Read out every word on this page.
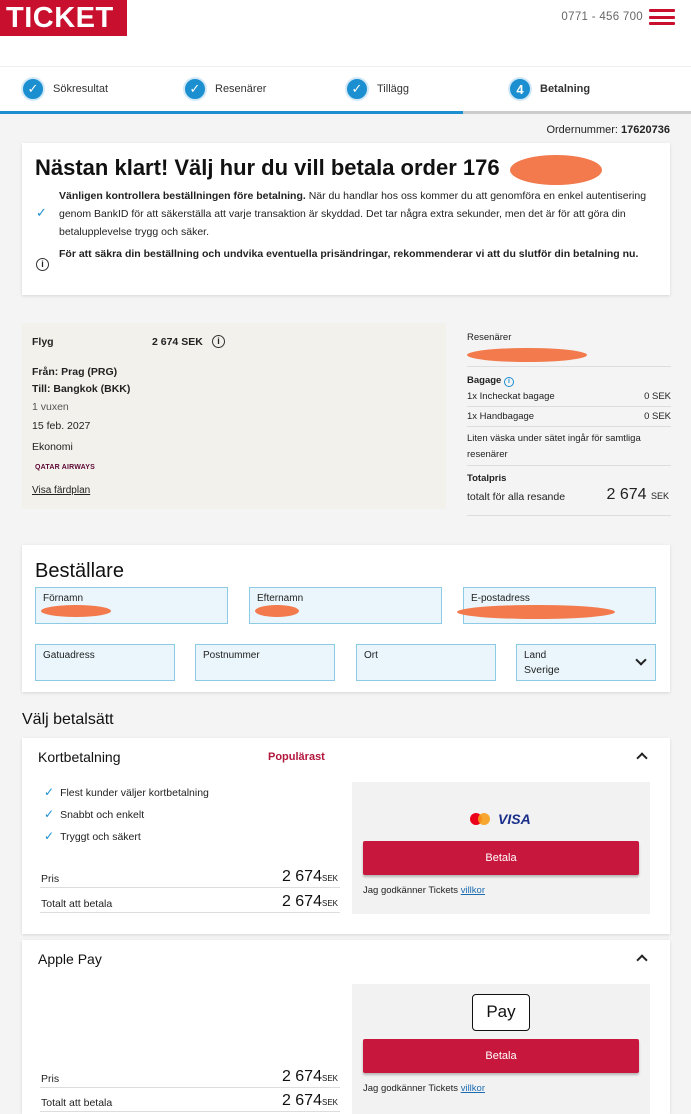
TICKET	0771 - 456 700
✓	Sökresultat	✓	Resenärer	✓	Tillägg	4	Betalning
Ordernummer: 17620736
Nästan klart! Välj hur du vill betala order 176
✓

Vänligen kontrollera beställningen före betalning. När du handlar hos oss kommer du att genomföra en enkel autentisering genom BankID för att säkerställa att varje transaktion är skyddad. Det tar några extra sekunder, men det är för att göra din betalupplevelse trygg och säker.

i

För att säkra din beställning och undvika eventuella prisändringar, rekommenderar vi att du slutför din betalning nu.

Flyg	2 674 SEK	i
Från: Prag (PRG)
Till: Bangkok (BKK)
1 vuxen
15 feb. 2027
Ekonomi
QATAR AIRWAYS
Visa färdplan
Resenärer
Bagage i
1x Incheckat bagage	0 SEK
1x Handbagage	0 SEK
Liten väska under sätet ingår för samtliga resenärer
Totalpris
totalt för alla resande	2 674 SEK
Beställare
Förnamn	Efternamn	E-postadress
Gatuadress	Postnummer	Ort	Land
Sverige
Välj betalsätt
Kortbetalning	Populärast
✓ Flest kunder väljer kortbetalning
✓ Snabbt och enkelt
✓ Tryggt och säkert
Pris	2 674SEK
Totalt att betala	2 674SEK
VISA
Betala
Jag godkänner Tickets villkor
Apple Pay
Pris	2 674SEK
Totalt att betala	2 674SEK
Pay
Betala
Jag godkänner Tickets villkor
